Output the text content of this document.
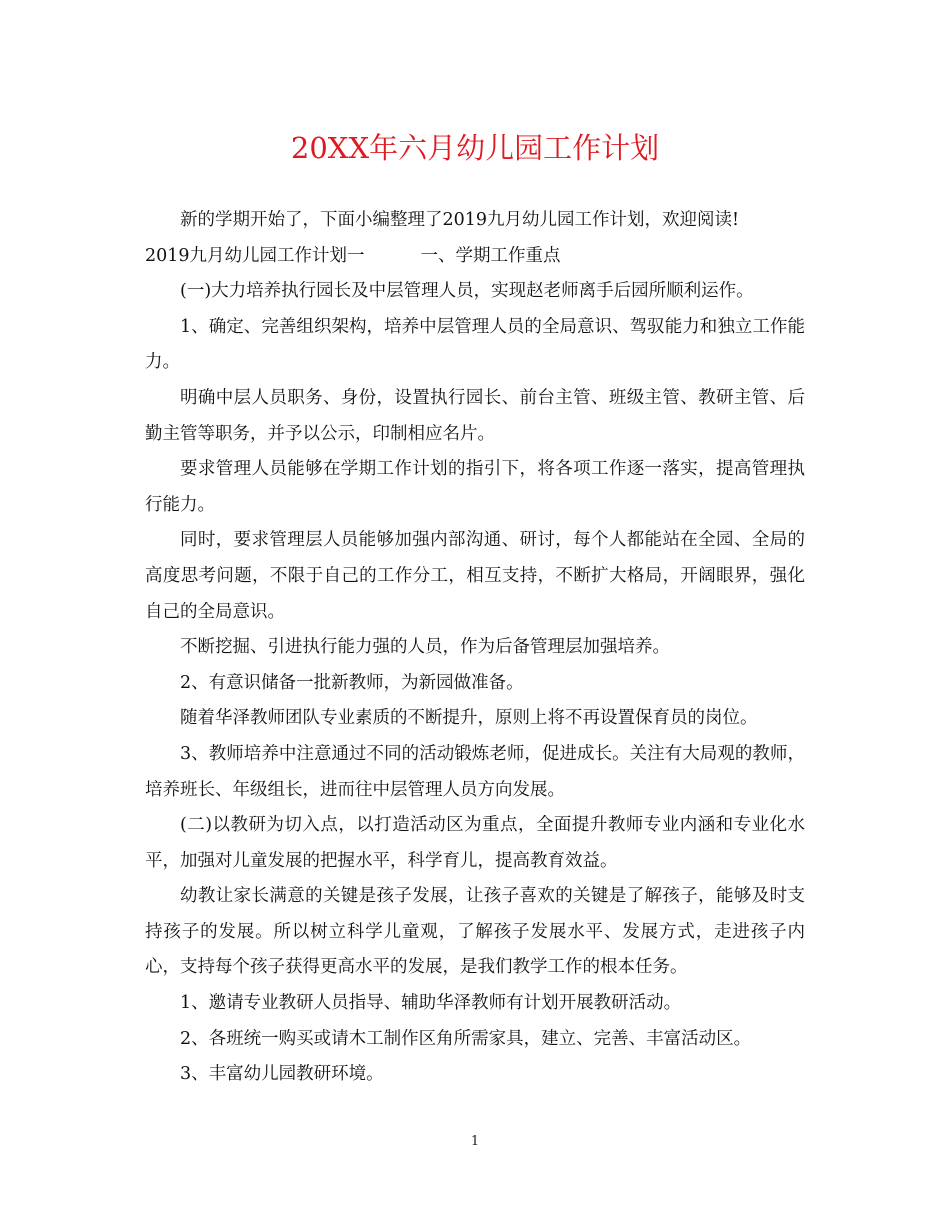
20XX年六月幼儿园工作计划

新的学期开始了，下面小编整理了2019九月幼儿园工作计划，欢迎阅读!

2019九月幼儿园工作计划一	一、学期工作重点

(一)大力培养执行园长及中层管理人员，实现赵老师离手后园所顺利运作。

1、确定、完善组织架构，培养中层管理人员的全局意识、驾驭能力和独立工作能力。

明确中层人员职务、身份，设置执行园长、前台主管、班级主管、教研主管、后勤主管等职务，并予以公示，印制相应名片。

要求管理人员能够在学期工作计划的指引下，将各项工作逐一落实，提高管理执行能力。

同时，要求管理层人员能够加强内部沟通、研讨，每个人都能站在全园、全局的高度思考问题，不限于自己的工作分工，相互支持，不断扩大格局，开阔眼界，强化自己的全局意识。

不断挖掘、引进执行能力强的人员，作为后备管理层加强培养。

2、有意识储备一批新教师，为新园做准备。

随着华泽教师团队专业素质的不断提升，原则上将不再设置保育员的岗位。

3、教师培养中注意通过不同的活动锻炼老师，促进成长。关注有大局观的教师，培养班长、年级组长，进而往中层管理人员方向发展。

(二)以教研为切入点，以打造活动区为重点，全面提升教师专业内涵和专业化水平，加强对儿童发展的把握水平，科学育儿，提高教育效益。

幼教让家长满意的关键是孩子发展，让孩子喜欢的关键是了解孩子，能够及时支持孩子的发展。所以树立科学儿童观，了解孩子发展水平、发展方式，走进孩子内心，支持每个孩子获得更高水平的发展，是我们教学工作的根本任务。

1、邀请专业教研人员指导、辅助华泽教师有计划开展教研活动。

2、各班统一购买或请木工制作区角所需家具，建立、完善、丰富活动区。

3、丰富幼儿园教研环境。

1
